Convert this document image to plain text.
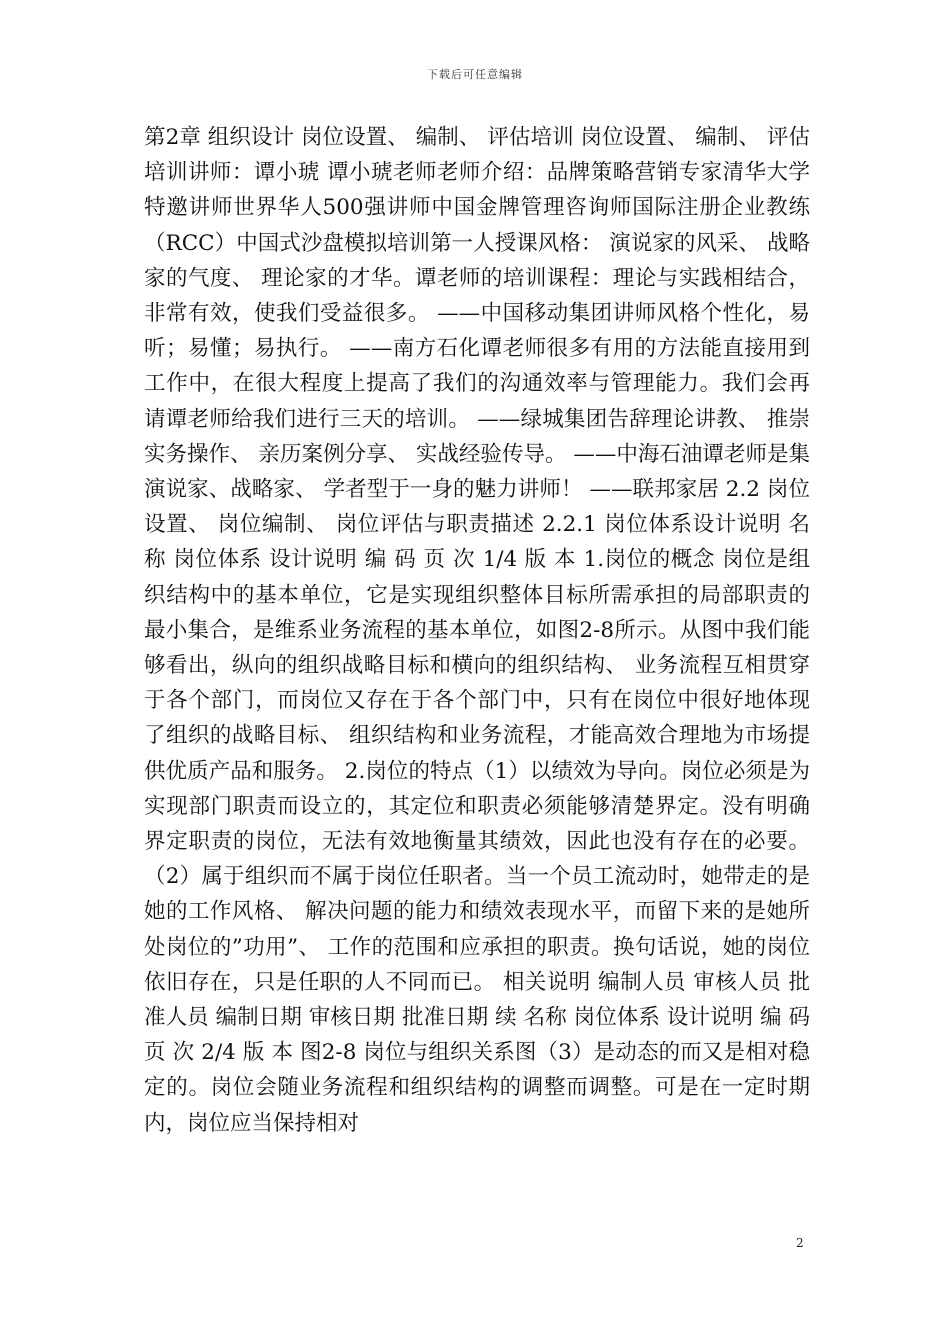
下载后可任意编辑

第2章 组织设计 岗位设置、 编制、 评估培训 岗位设置、 编制、 评估培训讲师：谭小琥 谭小琥老师老师介绍：品牌策略营销专家清华大学特邀讲师世界华人500强讲师中国金牌管理咨询师国际注册企业教练（RCC）中国式沙盘模拟培训第一人授课风格： 演说家的风采、 战略家的气度、 理论家的才华。谭老师的培训课程：理论与实践相结合，非常有效，使我们受益很多。 ——中国移动集团讲师风格个性化，易听；易懂；易执行。 ——南方石化谭老师很多有用的方法能直接用到工作中，在很大程度上提高了我们的沟通效率与管理能力。我们会再请谭老师给我们进行三天的培训。 ——绿城集团告辞理论讲教、 推崇实务操作、 亲历案例分享、 实战经验传导。 ——中海石油谭老师是集演说家、战略家、 学者型于一身的魅力讲师！ ——联邦家居 2.2 岗位设置、 岗位编制、 岗位评估与职责描述 2.2.1 岗位体系设计说明 名称 岗位体系 设计说明 编 码 页 次 1/4 版 本 1.岗位的概念 岗位是组织结构中的基本单位，它是实现组织整体目标所需承担的局部职责的最小集合，是维系业务流程的基本单位，如图2-8所示。从图中我们能够看出，纵向的组织战略目标和横向的组织结构、 业务流程互相贯穿于各个部门，而岗位又存在于各个部门中，只有在岗位中很好地体现了组织的战略目标、 组织结构和业务流程，才能高效合理地为市场提供优质产品和服务。 2.岗位的特点（1）以绩效为导向。岗位必须是为实现部门职责而设立的，其定位和职责必须能够清楚界定。没有明确界定职责的岗位，无法有效地衡量其绩效，因此也没有存在的必要。（2）属于组织而不属于岗位任职者。当一个员工流动时，她带走的是她的工作风格、 解决问题的能力和绩效表现水平，而留下来的是她所处岗位的”功用”、 工作的范围和应承担的职责。换句话说，她的岗位依旧存在，只是任职的人不同而已。 相关说明 编制人员 审核人员 批准人员 编制日期 审核日期 批准日期 续 名称 岗位体系 设计说明 编 码 页 次 2/4 版 本 图2-8 岗位与组织关系图（3）是动态的而又是相对稳定的。岗位会随业务流程和组织结构的调整而调整。可是在一定时期内，岗位应当保持相对

2
